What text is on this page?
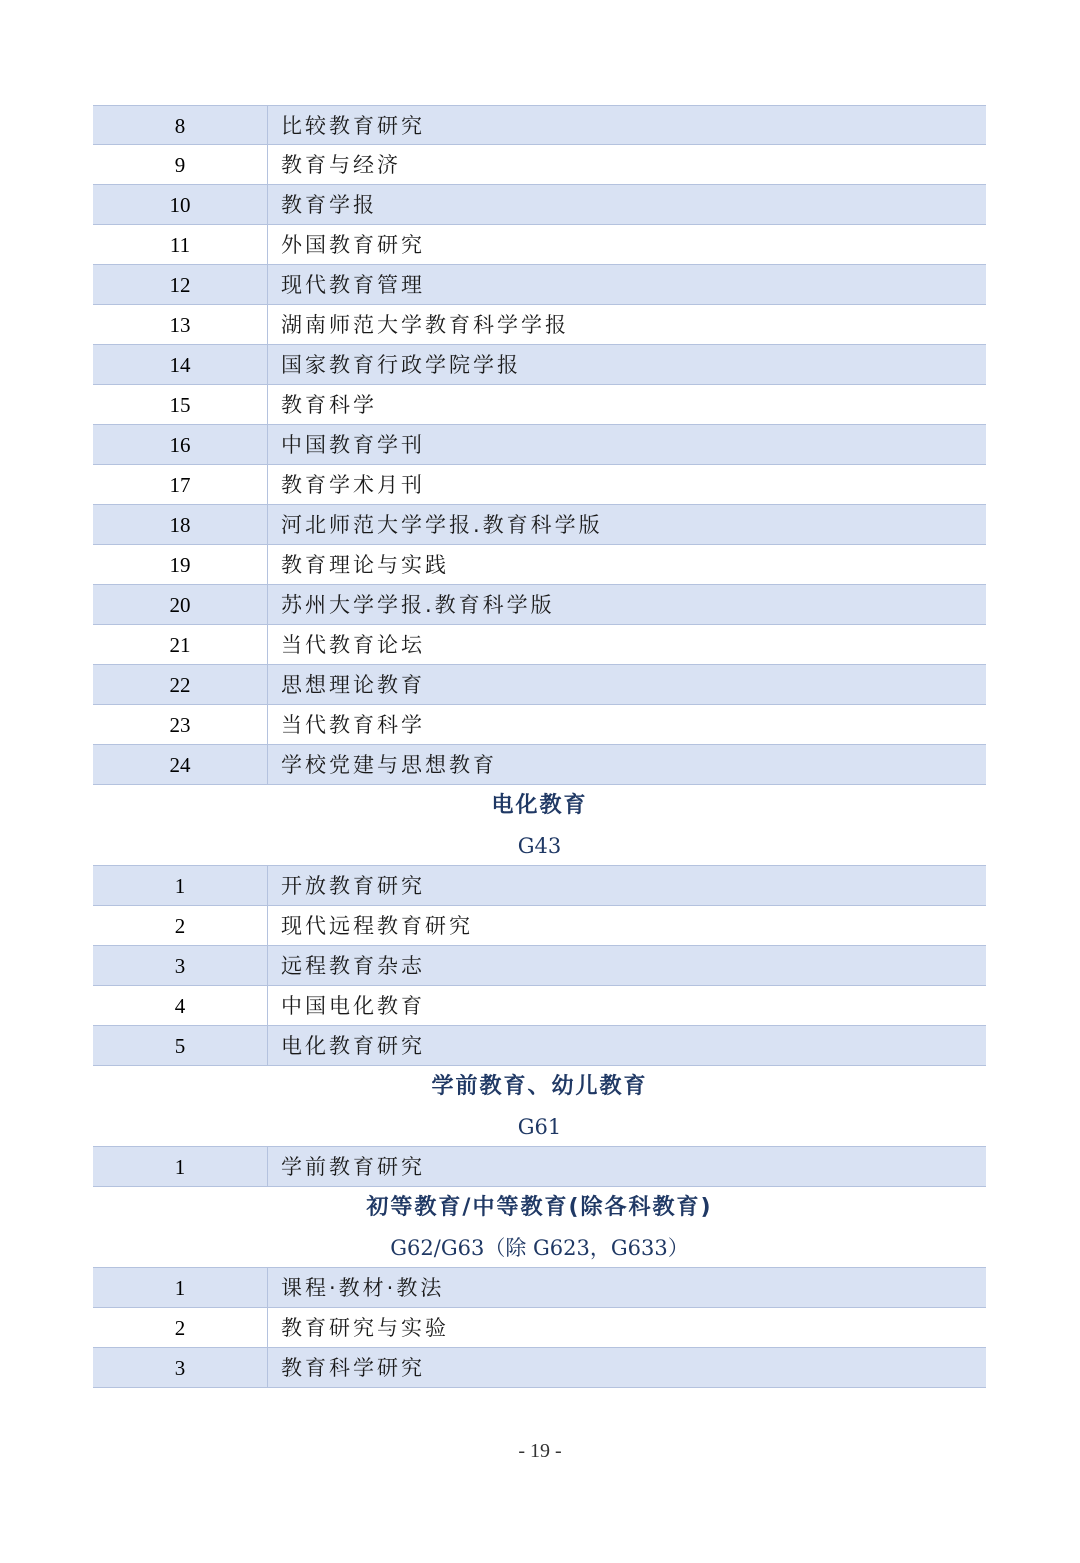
8	比较教育研究
9	教育与经济
10	教育学报
11	外国教育研究
12	现代教育管理
13	湖南师范大学教育科学学报
14	国家教育行政学院学报
15	教育科学
16	中国教育学刊
17	教育学术月刊
18	河北师范大学学报.教育科学版
19	教育理论与实践
20	苏州大学学报.教育科学版
21	当代教育论坛
22	思想理论教育
23	当代教育科学
24	学校党建与思想教育
电化教育
G43
1	开放教育研究
2	现代远程教育研究
3	远程教育杂志
4	中国电化教育
5	电化教育研究
学前教育、幼儿教育
G61
1	学前教育研究
初等教育/中等教育(除各科教育)
G62/G63（除 G623，G633）
1	课程·教材·教法
2	教育研究与实验
3	教育科学研究
- 19 -
